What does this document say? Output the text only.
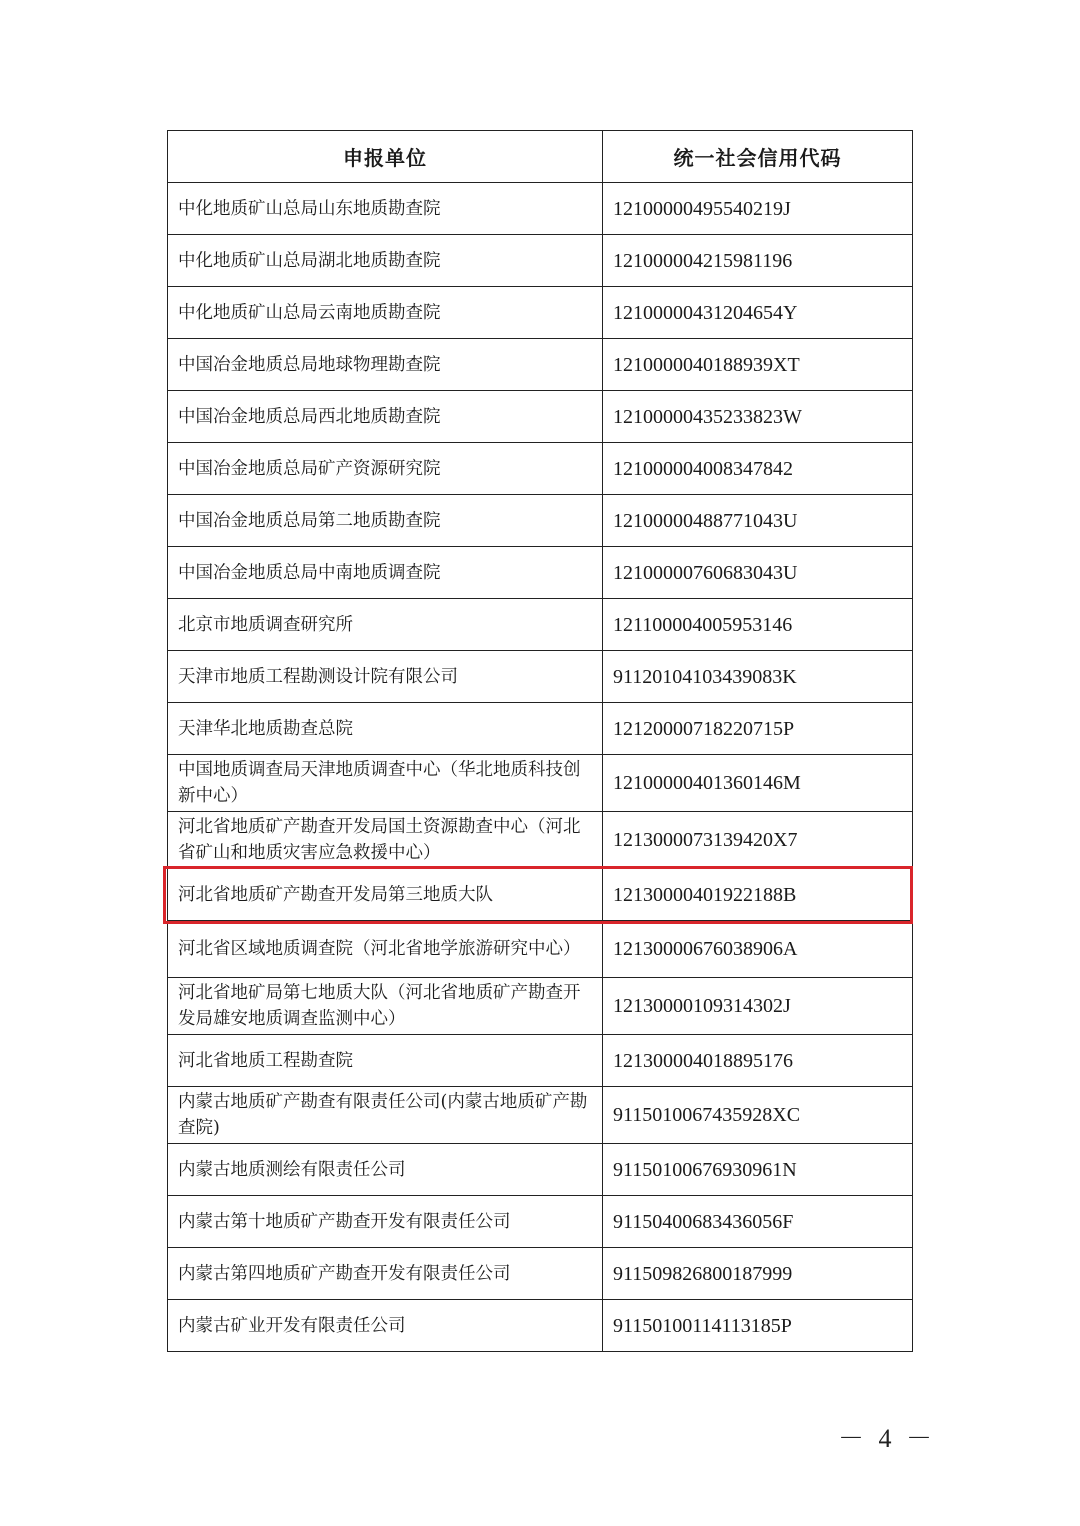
申报单位	统一社会信用代码
中化地质矿山总局山东地质勘查院	12100000495540219J
中化地质矿山总局湖北地质勘查院	121000004215981196
中化地质矿山总局云南地质勘查院	12100000431204654Y
中国冶金地质总局地球物理勘查院	1210000040188939XT
中国冶金地质总局西北地质勘查院	12100000435233823W
中国冶金地质总局矿产资源研究院	121000004008347842
中国冶金地质总局第二地质勘查院	12100000488771043U
中国冶金地质总局中南地质调查院	12100000760683043U
北京市地质调查研究所	121100004005953146
天津市地质工程勘测设计院有限公司	91120104103439083K
天津华北地质勘查总院	12120000718220715P
中国地质调查局天津地质调查中心（华北地质科技创新中心）	12100000401360146M
河北省地质矿产勘查开发局国土资源勘查中心（河北省矿山和地质灾害应急救援中心）	1213000073139420X7
河北省地质矿产勘查开发局第三地质大队	12130000401922188B
河北省区域地质调查院（河北省地学旅游研究中心）	12130000676038906A
河北省地矿局第七地质大队（河北省地质矿产勘查开发局雄安地质调查监测中心）	12130000109314302J
河北省地质工程勘查院	121300004018895176
内蒙古地质矿产勘查有限责任公司(内蒙古地质矿产勘查院)	9115010067435928XC
内蒙古地质测绘有限责任公司	91150100676930961N
内蒙古第十地质矿产勘查开发有限责任公司	91150400683436056F
内蒙古第四地质矿产勘查开发有限责任公司	911509826800187999
内蒙古矿业开发有限责任公司	91150100114113185P
－ 4 －
